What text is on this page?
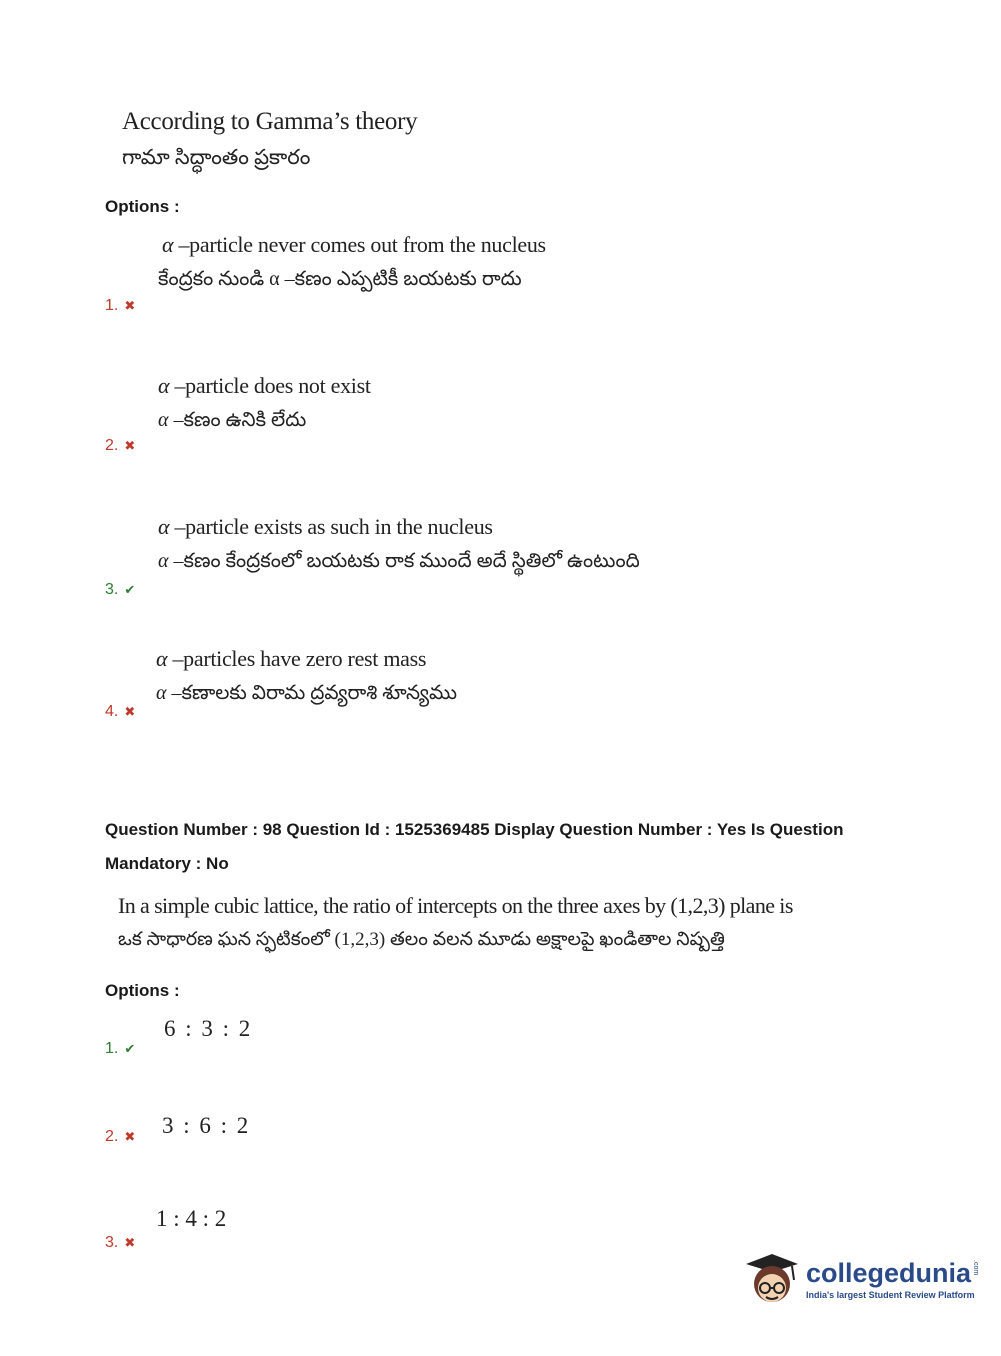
According to Gamma’s theory
గామా సిద్ధాంతం ప్రకారం
Options :
α –particle never comes out from the nucleus
కేంద్రకం నుండి α –కణం ఎప్పటికీ బయటకు రాదు
1. ✖
α –particle does not exist
α –కణం ఉనికి లేదు
2. ✖
α –particle exists as such in the nucleus
α –కణం కేంద్రకంలో బయటకు రాక ముందే అదే స్థితిలో ఉంటుంది
3. ✔
α –particles have zero rest mass
α –కణాలకు విరామ ద్రవ్యరాశి శూన్యము
4. ✖
Question Number : 98 Question Id : 1525369485 Display Question Number : Yes Is Question
Mandatory : No
In a simple cubic lattice, the ratio of intercepts on the three axes by (1,2,3) plane is
ఒక సాధారణ ఘన స్ఫటికంలో (1,2,3) తలం వలన మూడు అక్షాలపై ఖండితాల నిష్పత్తి
Options :
6 : 3 : 2
1. ✔
3 : 6 : 2
2. ✖
1 : 4 : 2
3. ✖
collegedunia .com
India's largest Student Review Platform
